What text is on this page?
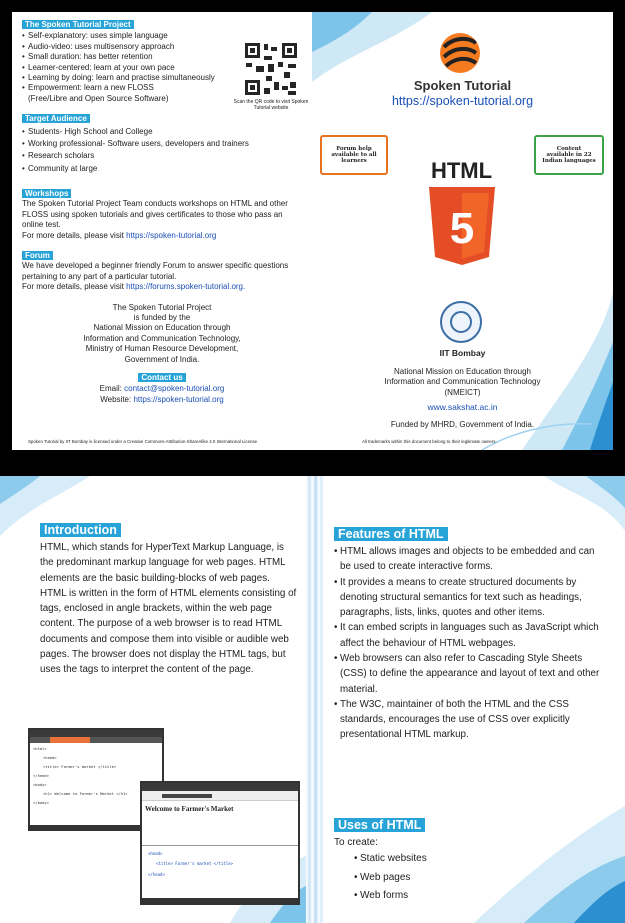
The Spoken Tutorial Project
• Self-explanatory: uses simple language
• Audio-video: uses multisensory approach
• Small duration: has better retention
• Learner-centered: learn at your own pace
• Learning by doing: learn and practise simultaneously
• Empowerment: learn a new FLOSS
(Free/Libre and Open Source Software)	Scan the QR code to visit Spoken Tutorial website
Target Audience
• Students- High School and College
• Working professional- Software users, developers and trainers
• Research scholars
• Community at large
Workshops
The Spoken Tutorial Project Team conducts workshops on HTML and other FLOSS using spoken tutorials and gives certificates to those who pass an online test.
For more details, please visit https://spoken-tutorial.org
Forum
We have developed a beginner friendly Forum to answer specific questions pertaining to any part of a particular tutorial.
For more details, please visit https://forums.spoken-tutorial.org.
The Spoken Tutorial Project
is funded by the
National Mission on Education through
Information and Communication Technology,
Ministry of Human Resource Development,
Government of India.
Contact us
Email: contact@spoken-tutorial.org
Website: https://spoken-tutorial.org
Spoken Tutorial by IIT Bombay is licensed under a Creative Commons Attribution-ShareAlike 4.0 International License
Spoken Tutorial
https://spoken-tutorial.org
Forum help available to all learners
Content available in 22 Indian languages
HTML
5
IIT Bombay
National Mission on Education through
Information and Communication Technology
(NMEICT)
www.sakshat.ac.in
Funded by MHRD, Government of India.
All trademarks within this document belong to their legitimate owners.
Introduction
HTML, which stands for HyperText Markup Language, is the predominant markup language for web pages. HTML elements are the basic building-blocks of web pages. HTML is written in the form of HTML elements consisting of tags, enclosed in angle brackets, within the web page content. The purpose of a web browser is to read HTML documents and compose them into visible or audible web pages. The browser does not display the HTML tags, but uses the tags to interpret the content of the page.
<html>
<head>
<title> Farmer's market </title>
</head>
<body>
<h1> Welcome to Farmer's Market </h1>
</body>
Welcome to Farmer's Market
<head>
<title> Farmer's market </title>
</head>
Features of HTML
• HTML allows images and objects to be embedded and can be used to create interactive forms.
• It provides a means to create structured documents by denoting structural semantics for text such as headings, paragraphs, lists, links, quotes and other items.
• It can embed scripts in languages such as JavaScript which affect the behaviour of HTML webpages.
• Web browsers can also refer to Cascading Style Sheets (CSS) to define the appearance and layout of text and other material.
• The W3C, maintainer of both the HTML and the CSS standards, encourages the use of CSS over explicitly presentational HTML markup.
Uses of HTML
To create:
• Static websites
• Web pages
• Web forms
